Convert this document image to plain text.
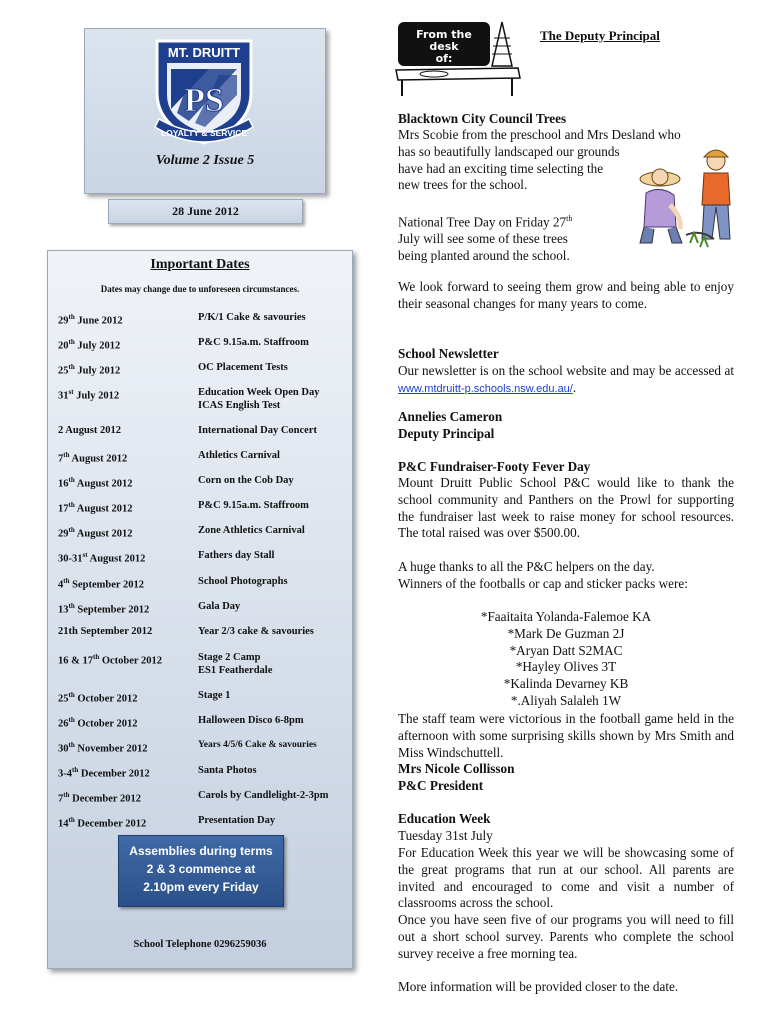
PS
MT. DRUITT
LOYALTY & SERVICE
Volume 2 Issue 5
28 June 2012
Important Dates
Dates may change due to unforeseen circumstances.
29th June 2012	P/K/1 Cake & savouries
20th July 2012	P&C 9.15a.m. Staffroom
25th July 2012	OC Placement Tests
31st July 2012	Education Week Open Day
ICAS English Test
2 August 2012	International Day Concert
7th August 2012	Athletics Carnival
16th August 2012	Corn on the Cob Day
17th August 2012	P&C 9.15a.m. Staffroom
29th August 2012	Zone Athletics Carnival
30-31st August 2012	Fathers day Stall
4th September 2012	School Photographs
13th September 2012	Gala Day
21th September 2012	Year 2/3 cake & savouries
16 & 17th October 2012	Stage 2 Camp
ES1 Featherdale
25th October 2012	Stage 1
26th October 2012	Halloween Disco 6-8pm
30th November 2012	Years 4/5/6 Cake & savouries
3-4th December 2012	Santa Photos
7th December 2012	Carols by Candlelight-2-3pm
14th December 2012	Presentation Day
Assemblies during terms
2 & 3 commence at
2.10pm every Friday
School Telephone 0296259036
From the
desk
of:
The Deputy Principal
Blacktown City Council Trees

Mrs Scobie from the preschool and Mrs Desland who

has so beautifully landscaped our grounds

have had an exciting time selecting the

new trees for the school.

National Tree Day on Friday 27th

July will see some of these trees

being planted around the school.

We look forward to seeing them grow and being able to enjoy their seasonal changes for many years to come.
School Newsletter
Our newsletter is on the school website and may be accessed at www.mtdruitt-p.schools.nsw.edu.au/.
Annelies Cameron
Deputy Principal
P&C Fundraiser-Footy Fever Day
Mount Druitt Public School P&C would like to thank the school community and Panthers on the Prowl for supporting the fundraiser last week to raise money for school resources. The total raised was over $500.00.
A huge thanks to all the P&C helpers on the day.
Winners of the footballs or cap and sticker packs were:

*Faaitaita Yolanda-Falemoe KA

*Mark De Guzman 2J

*Aryan Datt S2MAC

*Hayley Olives 3T

*Kalinda Devarney KB

*.Aliyah Salaleh 1W

The staff team were victorious in the football game held in the afternoon with some surprising skills shown by Mrs Smith and Miss Windschuttell.
Mrs Nicole Collisson
P&C President
Education Week
Tuesday 31st July
For Education Week this year we will be showcasing some of the great programs that run at our school. All parents are invited and encouraged to come and visit a number of classrooms across the school.
Once you have seen five of our programs you will need to fill out a short school survey. Parents who complete the school survey receive a free morning tea.
More information will be provided closer to the date.
